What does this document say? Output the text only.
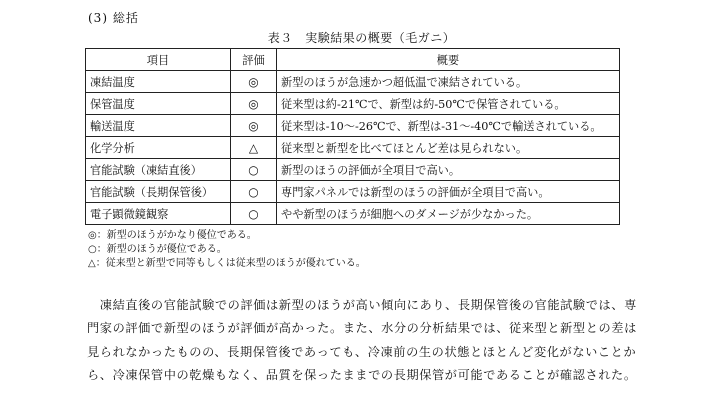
(3) 総括
表３　実験結果の概要（毛ガニ）
項目	評価	概要
凍結温度	◎	新型のほうが急速かつ超低温で凍結されている。
保管温度	◎	従来型は約-21℃で、新型は約-50℃で保管されている。
輸送温度	◎	従来型は-10～-26℃で、新型は-31～-40℃で輸送されている。
化学分析	△	従来型と新型を比べてほとんど差は見られない。
官能試験（凍結直後）	○	新型のほうの評価が全項目で高い。
官能試験（長期保管後）	○	専門家パネルでは新型のほうの評価が全項目で高い。
電子顕微鏡観察	○	やや新型のほうが細胞へのダメージが少なかった。
◎：新型のほうがかなり優位である。
○：新型のほうが優位である。
△：従来型と新型で同等もしくは従来型のほうが優れている。
　凍結直後の官能試験での評価は新型のほうが高い傾向にあり、長期保管後の官能試験では、専
門家の評価で新型のほうが評価が高かった。また、水分の分析結果では、従来型と新型との差は
見られなかったものの、長期保管後であっても、冷凍前の生の状態とほとんど変化がないことか
ら、冷凍保管中の乾燥もなく、品質を保ったままでの長期保管が可能であることが確認された。
